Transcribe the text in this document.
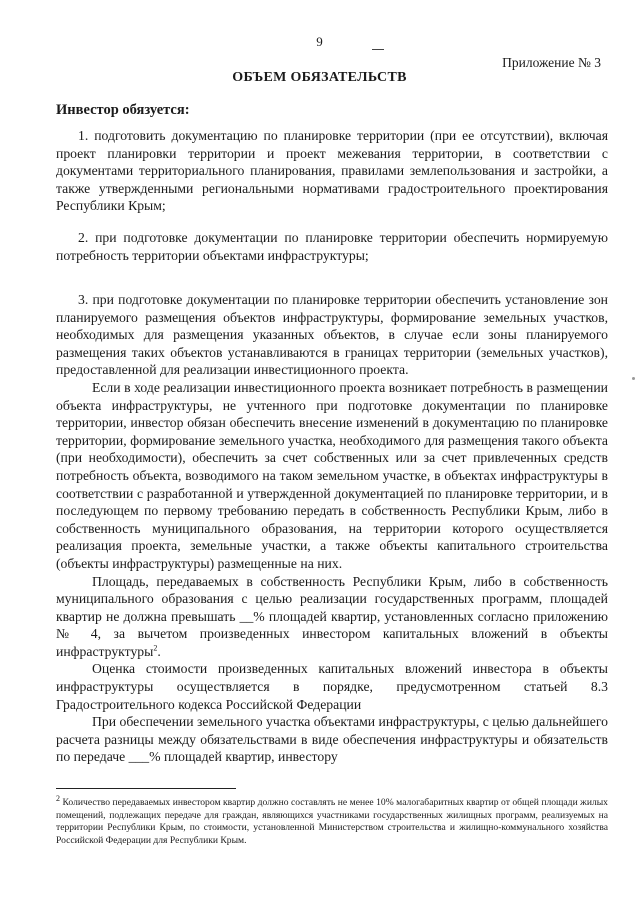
9
Приложение № 3
ОБЪЕМ ОБЯЗАТЕЛЬСТВ
Инвестор обязуется:
1. подготовить документацию по планировке территории (при ее отсутствии), включая проект планировки территории и проект межевания территории, в соответствии с документами территориального планирования, правилами землепользования и застройки, а также утвержденными региональными нормативами градостроительного проектирования Республики Крым;
2. при подготовке документации по планировке территории обеспечить нормируемую потребность территории объектами инфраструктуры;
3. при подготовке документации по планировке территории обеспечить установление зон планируемого размещения объектов инфраструктуры, формирование земельных участков, необходимых для размещения указанных объектов, в случае если зоны планируемого размещения таких объектов устанавливаются в границах территории (земельных участков), предоставленной для реализации инвестиционного проекта.

Если в ходе реализации инвестиционного проекта возникает потребность в размещении объекта инфраструктуры, не учтенного при подготовке документации по планировке территории, инвестор обязан обеспечить внесение изменений в документацию по планировке территории, формирование земельного участка, необходимого для размещения такого объекта (при необходимости), обеспечить за счет собственных или за счет привлеченных средств потребность объекта, возводимого на таком земельном участке, в объектах инфраструктуры в соответствии с разработанной и утвержденной документацией по планировке территории, и в последующем по первому требованию передать в собственность Республики Крым, либо в собственность муниципального образования, на территории которого осуществляется реализация проекта, земельные участки, а также объекты капитального строительства (объекты инфраструктуры) размещенные на них.

Площадь, передаваемых в собственность Республики Крым, либо в собственность муниципального образования с целью реализации государственных программ, площадей квартир не должна превышать __% площадей квартир, установленных согласно приложению № 4, за вычетом произведенных инвестором капитальных вложений в объекты инфраструктуры$^2$.

Оценка стоимости произведенных капитальных вложений инвестора в объекты инфраструктуры осуществляется в порядке, предусмотренном статьей 8.3 Градостроительного кодекса Российской Федерации

При обеспечении земельного участка объектами инфраструктуры, с целью дальнейшего расчета разницы между обязательствами в виде обеспечения инфраструктуры и обязательств по передаче ___% площадей квартир, инвестору

$^2$ Количество передаваемых инвестором квартир должно составлять не менее 10% малогабаритных квартир от общей площади жилых помещений, подлежащих передаче для граждан, являющихся участниками государственных жилищных программ, реализуемых на территории Республики Крым, по стоимости, установленной Министерством строительства и жилищно-коммунального хозяйства Российской Федерации для Республики Крым.
